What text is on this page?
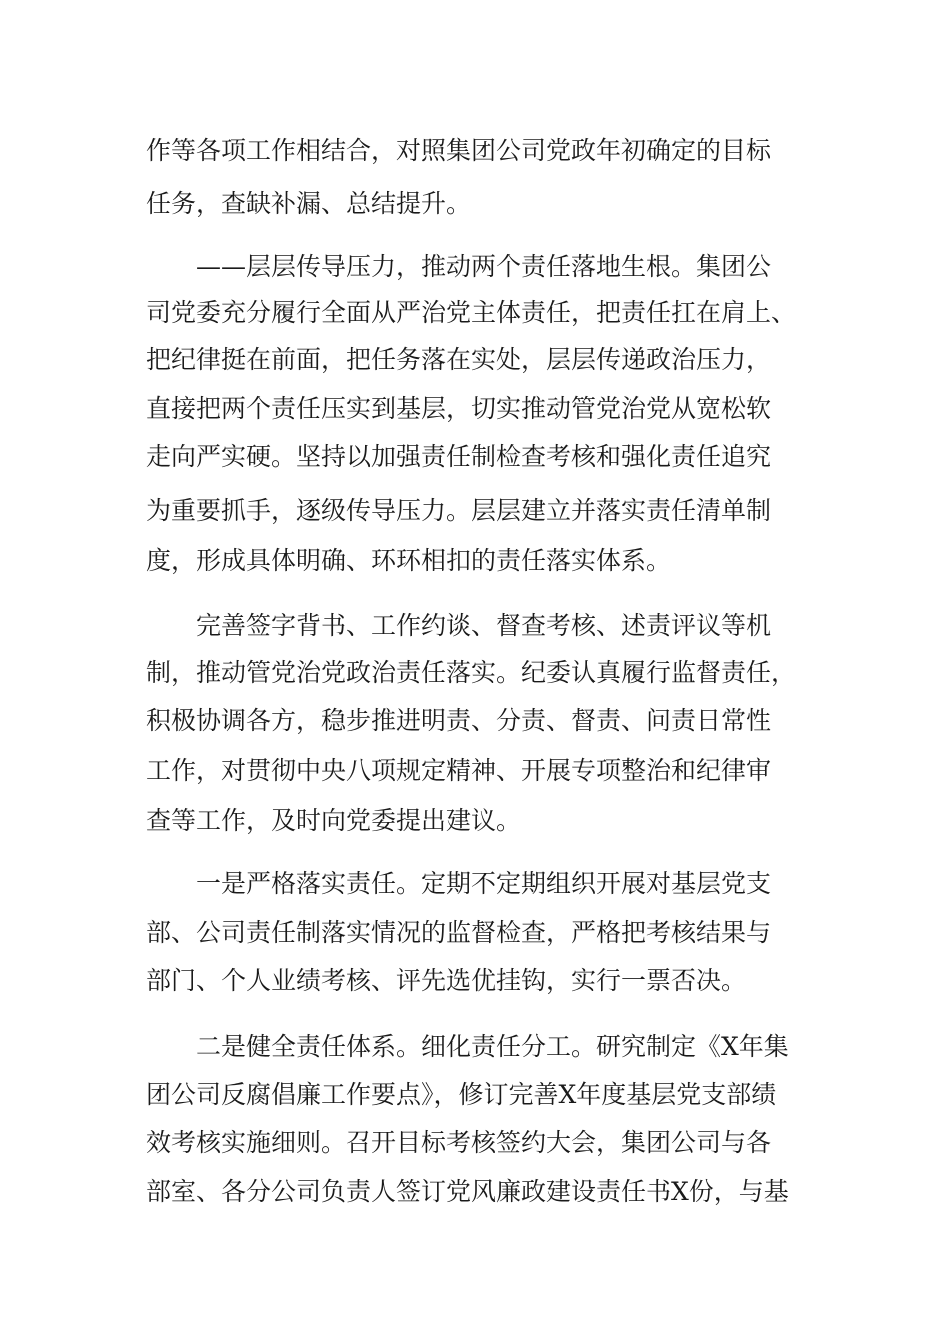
作等各项工作相结合，对照集团公司党政年初确定的目标
任务，查缺补漏、总结提升。
——层层传导压力，推动两个责任落地生根。集团公
司党委充分履行全面从严治党主体责任，把责任扛在肩上、
把纪律挺在前面，把任务落在实处，层层传递政治压力，
直接把两个责任压实到基层，切实推动管党治党从宽松软
走向严实硬。坚持以加强责任制检查考核和强化责任追究
为重要抓手，逐级传导压力。层层建立并落实责任清单制
度，形成具体明确、环环相扣的责任落实体系。
完善签字背书、工作约谈、督查考核、述责评议等机
制，推动管党治党政治责任落实。纪委认真履行监督责任，
积极协调各方，稳步推进明责、分责、督责、问责日常性
工作，对贯彻中央八项规定精神、开展专项整治和纪律审
查等工作，及时向党委提出建议。
一是严格落实责任。定期不定期组织开展对基层党支
部、公司责任制落实情况的监督检查，严格把考核结果与
部门、个人业绩考核、评先选优挂钩，实行一票否决。
二是健全责任体系。细化责任分工。研究制定《X年集
团公司反腐倡廉工作要点》，修订完善X年度基层党支部绩
效考核实施细则。召开目标考核签约大会，集团公司与各
部室、各分公司负责人签订党风廉政建设责任书X份，与基
